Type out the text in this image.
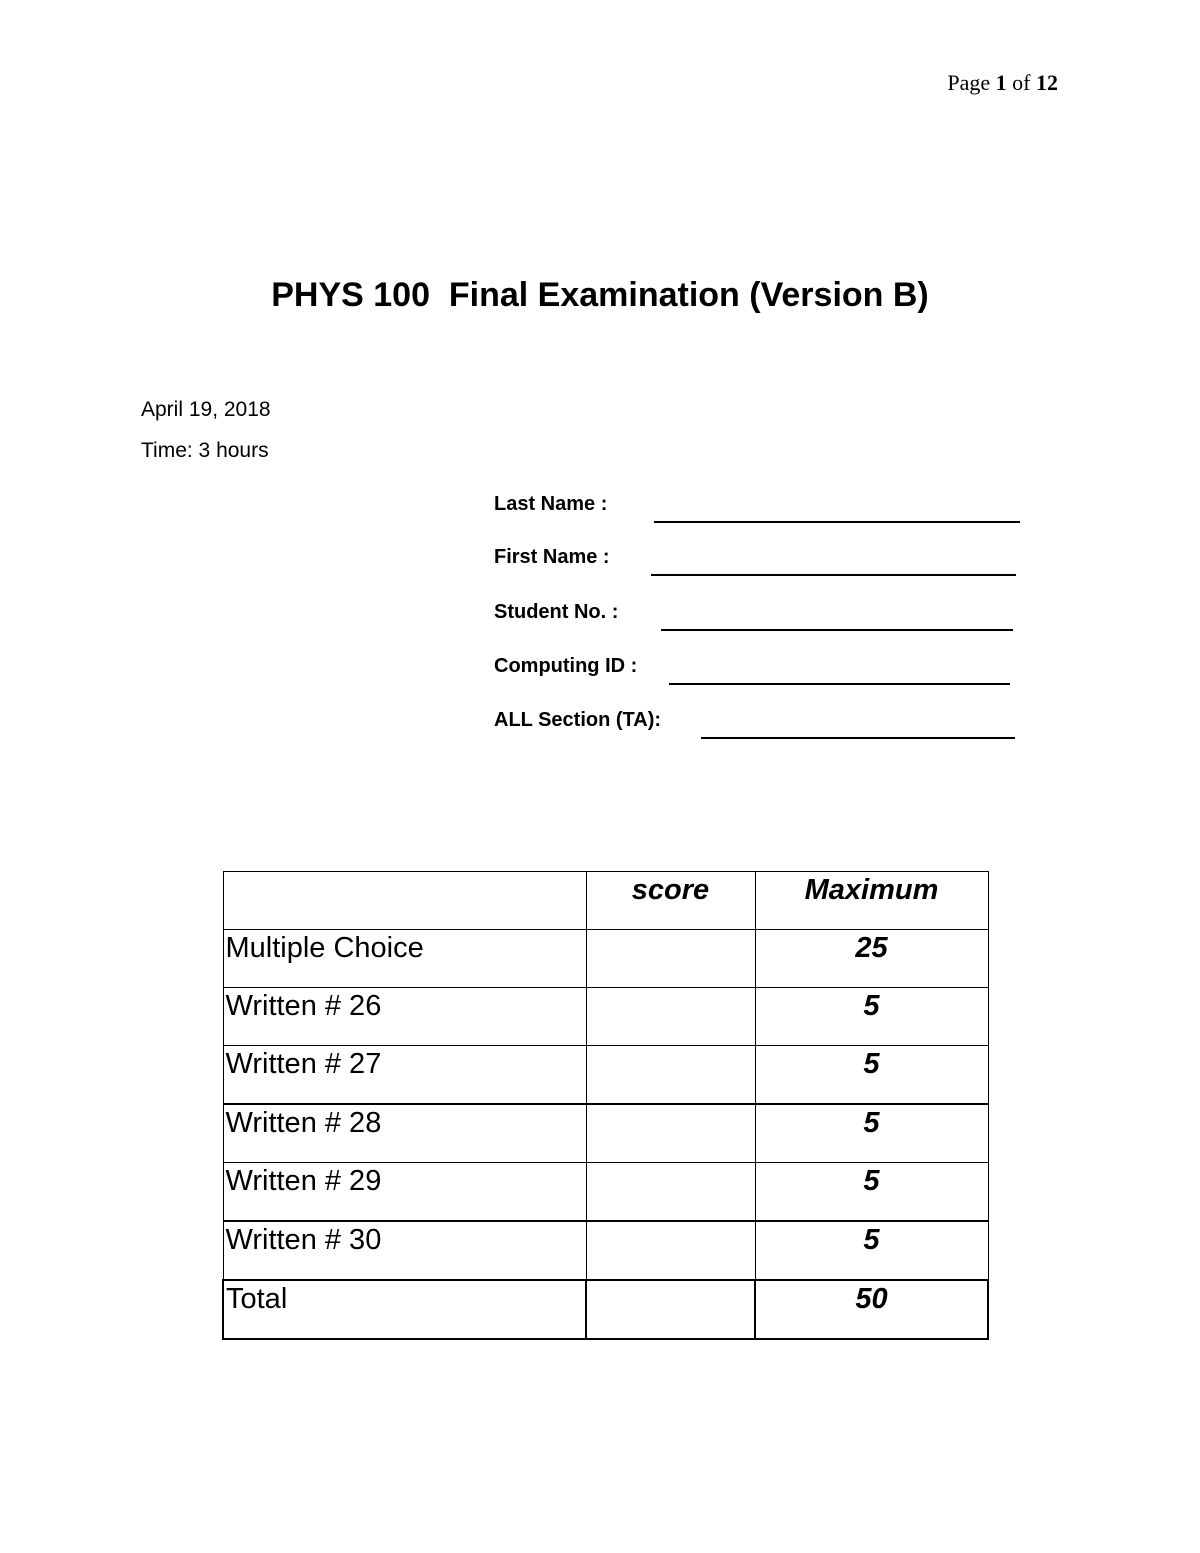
Page 1 of 12
PHYS 100  Final Examination (Version B)
April 19, 2018
Time: 3 hours
Last Name :
First Name :
Student No. :
Computing ID :
ALL Section (TA):
	score	Maximum
Multiple Choice		25
Written # 26		5
Written # 27		5
Written # 28		5
Written # 29		5
Written # 30		5
Total		50
